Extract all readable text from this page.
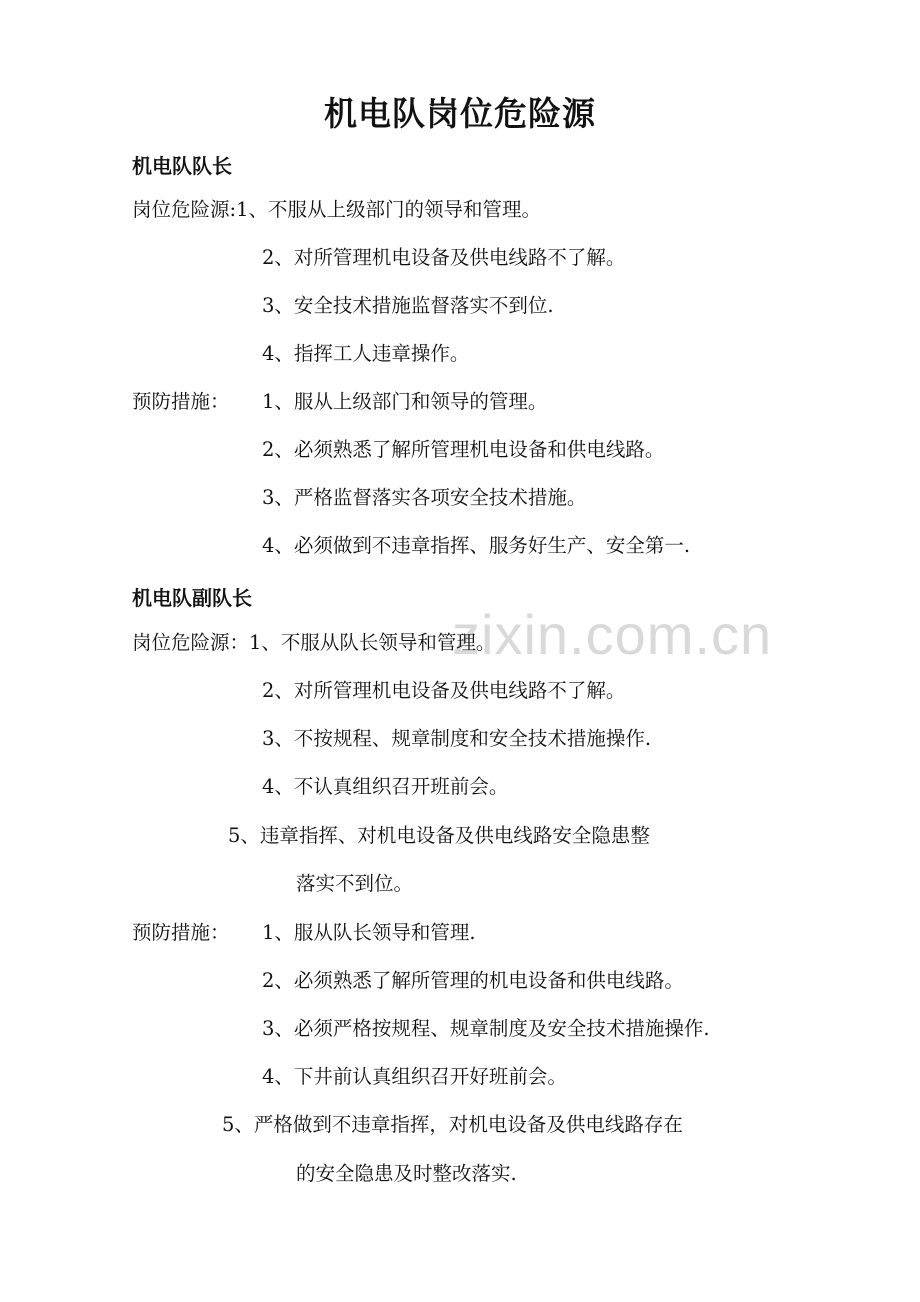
zixin.com.cn
机电队岗位危险源
机电队队长
岗位危险源:1、不服从上级部门的领导和管理。
2、对所管理机电设备及供电线路不了解。
3、安全技术措施监督落实不到位.
4、指挥工人违章操作。
预防措施： 1、服从上级部门和领导的管理。
2、必须熟悉了解所管理机电设备和供电线路。
3、严格监督落实各项安全技术措施。
4、必须做到不违章指挥、服务好生产、安全第一.
机电队副队长
岗位危险源：1、不服从队长领导和管理。
2、对所管理机电设备及供电线路不了解。
3、不按规程、规章制度和安全技术措施操作.
4、不认真组织召开班前会。
5、违章指挥、对机电设备及供电线路安全隐患整
落实不到位。
预防措施： 1、服从队长领导和管理.
2、必须熟悉了解所管理的机电设备和供电线路。
3、必须严格按规程、规章制度及安全技术措施操作.
4、下井前认真组织召开好班前会。
5、严格做到不违章指挥，对机电设备及供电线路存在
的安全隐患及时整改落实.
